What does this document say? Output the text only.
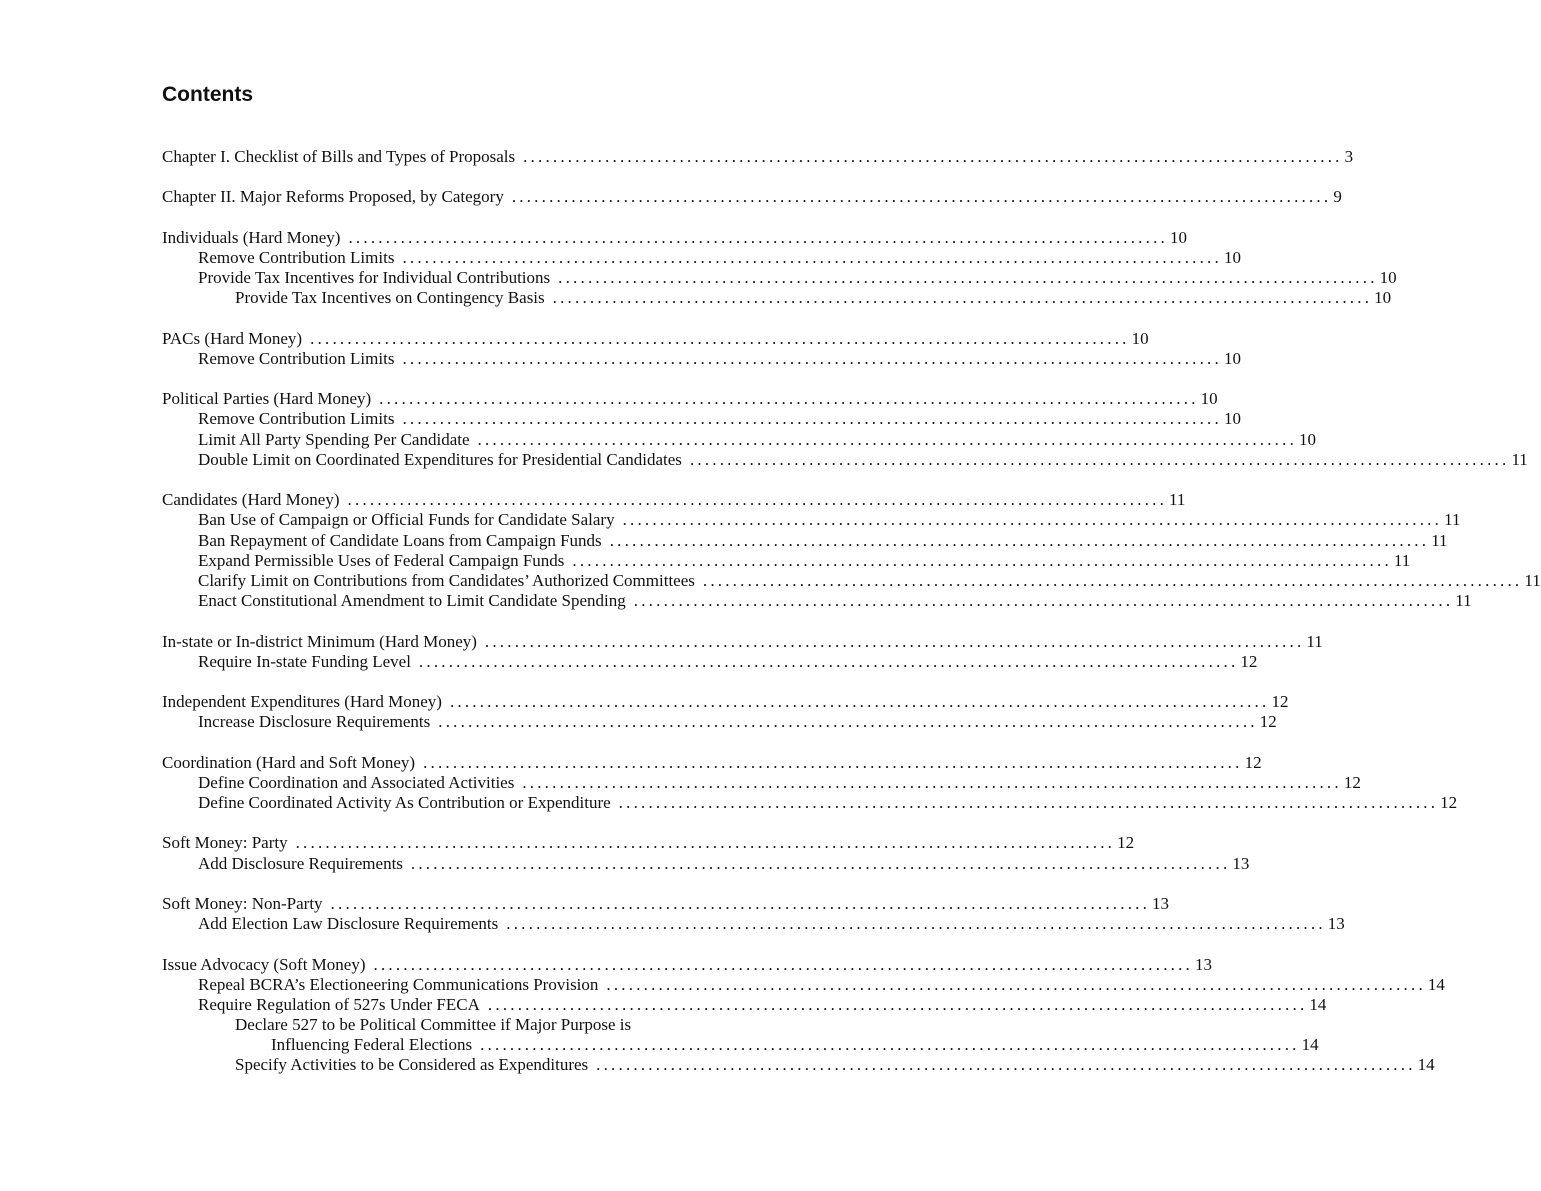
Contents
Chapter I. Checklist of Bills and Types of Proposals .............................................................................................................. 3
Chapter II. Major Reforms Proposed, by Category .............................................................................................................. 9
Individuals (Hard Money) .............................................................................................................. 10
Remove Contribution Limits .............................................................................................................. 10
Provide Tax Incentives for Individual Contributions .............................................................................................................. 10
Provide Tax Incentives on Contingency Basis .............................................................................................................. 10
PACs (Hard Money) .............................................................................................................. 10
Remove Contribution Limits .............................................................................................................. 10
Political Parties (Hard Money) .............................................................................................................. 10
Remove Contribution Limits .............................................................................................................. 10
Limit All Party Spending Per Candidate .............................................................................................................. 10
Double Limit on Coordinated Expenditures for Presidential Candidates .............................................................................................................. 11
Candidates (Hard Money) .............................................................................................................. 11
Ban Use of Campaign or Official Funds for Candidate Salary .............................................................................................................. 11
Ban Repayment of Candidate Loans from Campaign Funds .............................................................................................................. 11
Expand Permissible Uses of Federal Campaign Funds .............................................................................................................. 11
Clarify Limit on Contributions from Candidates’ Authorized Committees .............................................................................................................. 11
Enact Constitutional Amendment to Limit Candidate Spending .............................................................................................................. 11
In-state or In-district Minimum (Hard Money) .............................................................................................................. 11
Require In-state Funding Level .............................................................................................................. 12
Independent Expenditures (Hard Money) .............................................................................................................. 12
Increase Disclosure Requirements .............................................................................................................. 12
Coordination (Hard and Soft Money) .............................................................................................................. 12
Define Coordination and Associated Activities .............................................................................................................. 12
Define Coordinated Activity As Contribution or Expenditure .............................................................................................................. 12
Soft Money: Party .............................................................................................................. 12
Add Disclosure Requirements .............................................................................................................. 13
Soft Money: Non-Party .............................................................................................................. 13
Add Election Law Disclosure Requirements .............................................................................................................. 13
Issue Advocacy (Soft Money) .............................................................................................................. 13
Repeal BCRA’s Electioneering Communications Provision .............................................................................................................. 14
Require Regulation of 527s Under FECA .............................................................................................................. 14
Declare 527 to be Political Committee if Major Purpose is
Influencing Federal Elections .............................................................................................................. 14
Specify Activities to be Considered as Expenditures .............................................................................................................. 14
